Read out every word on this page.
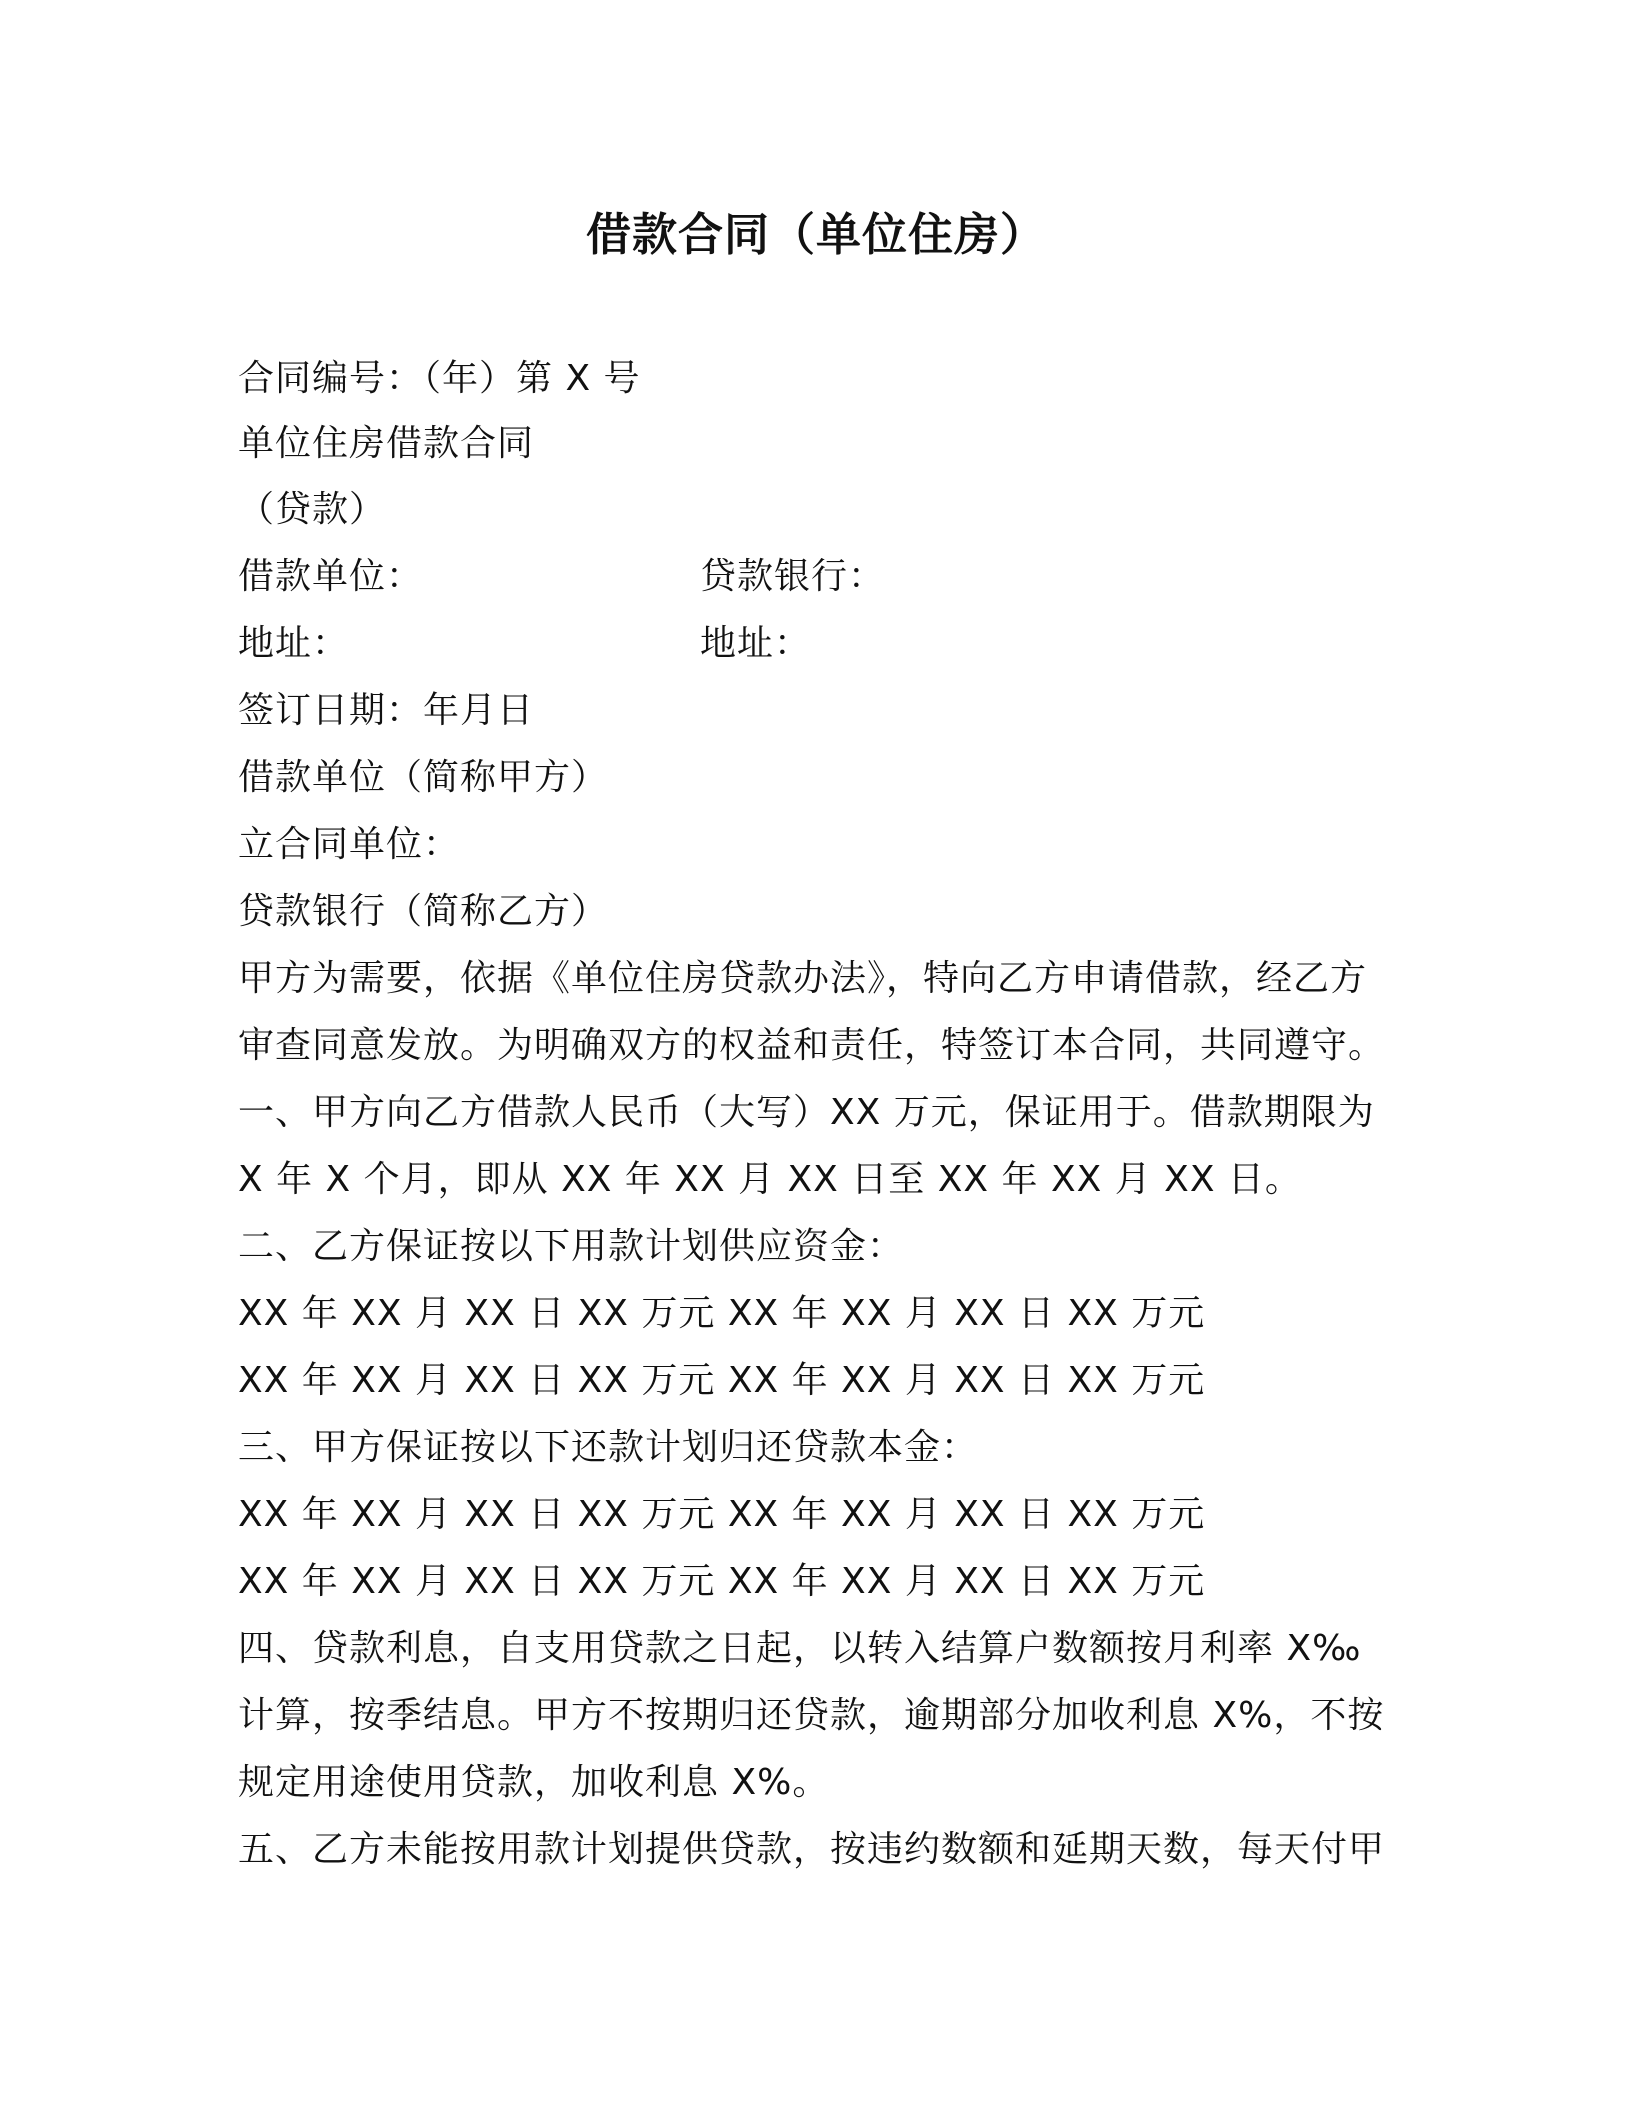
借款合同（单位住房）
合同编号：（年）第 X 号
单位住房借款合同
（贷款）
借款单位：	贷款银行：
地址：	地址：
签订日期：年月日
借款单位（简称甲方）
立合同单位：
贷款银行（简称乙方）
甲方为需要，依据《单位住房贷款办法》，特向乙方申请借款，经乙方审查同意发放。为明确双方的权益和责任，特签订本合同，共同遵守。
一、甲方向乙方借款人民币（大写）XX 万元，保证用于。借款期限为 X 年 X 个月，即从 XX 年 XX 月 XX 日至 XX 年 XX 月 XX 日。
二、乙方保证按以下用款计划供应资金：
XX 年 XX 月 XX 日 XX 万元 XX 年 XX 月 XX 日 XX 万元
XX 年 XX 月 XX 日 XX 万元 XX 年 XX 月 XX 日 XX 万元
三、甲方保证按以下还款计划归还贷款本金：
XX 年 XX 月 XX 日 XX 万元 XX 年 XX 月 XX 日 XX 万元
XX 年 XX 月 XX 日 XX 万元 XX 年 XX 月 XX 日 XX 万元
四、贷款利息，自支用贷款之日起，以转入结算户数额按月利率 X‰计算，按季结息。甲方不按期归还贷款，逾期部分加收利息 X%，不按规定用途使用贷款，加收利息 X%。
五、乙方未能按用款计划提供贷款，按违约数额和延期天数，每天付甲
